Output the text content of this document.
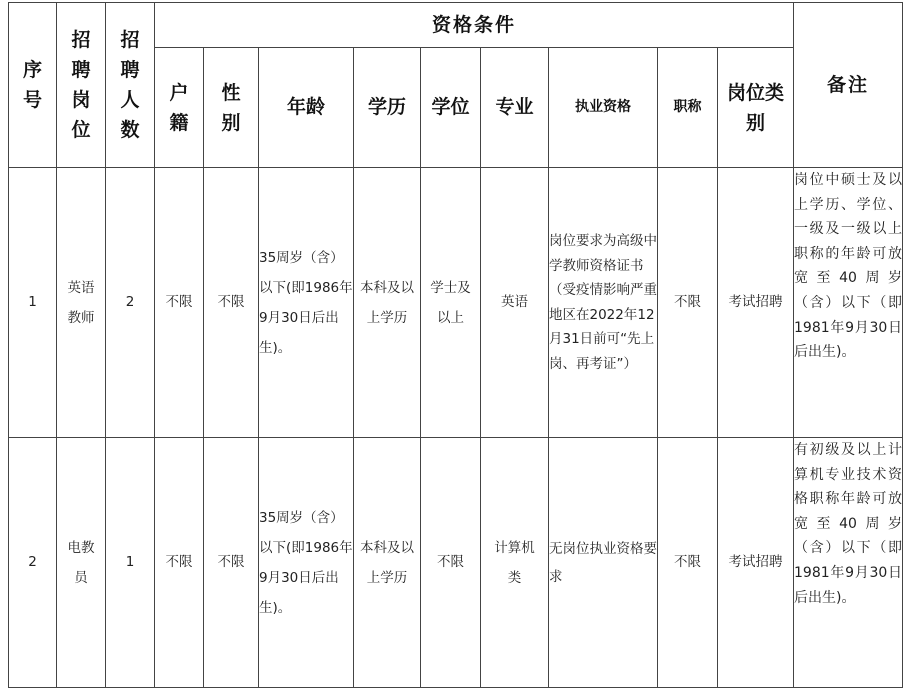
序号	招聘岗位	招聘人数	资格条件									备注
			户籍	性别	年龄	学历	学位	专业	执业资格	职称	岗位类别	
1	英语教师	2	不限	不限	35周岁（含）以下(即1986年9月30日后出生)。	本科及以上学历	学士及以上	英语	岗位要求为高级中学教师资格证书（受疫情影响严重地区在2022年12月31日前可“先上岗、再考证”）	不限	考试招聘	岗位中硕士及以上学历、学位、一级及一级以上职称的年龄可放宽至40周岁（含）以下（即1981年9月30日后出生)。
2	电教员	1	不限	不限	35周岁（含）以下(即1986年9月30日后出生)。	本科及以上学历	不限	计算机类	无岗位执业资格要求	不限	考试招聘	有初级及以上计算机专业技术资格职称年龄可放宽至40周岁（含）以下（即1981年9月30日后出生)。
